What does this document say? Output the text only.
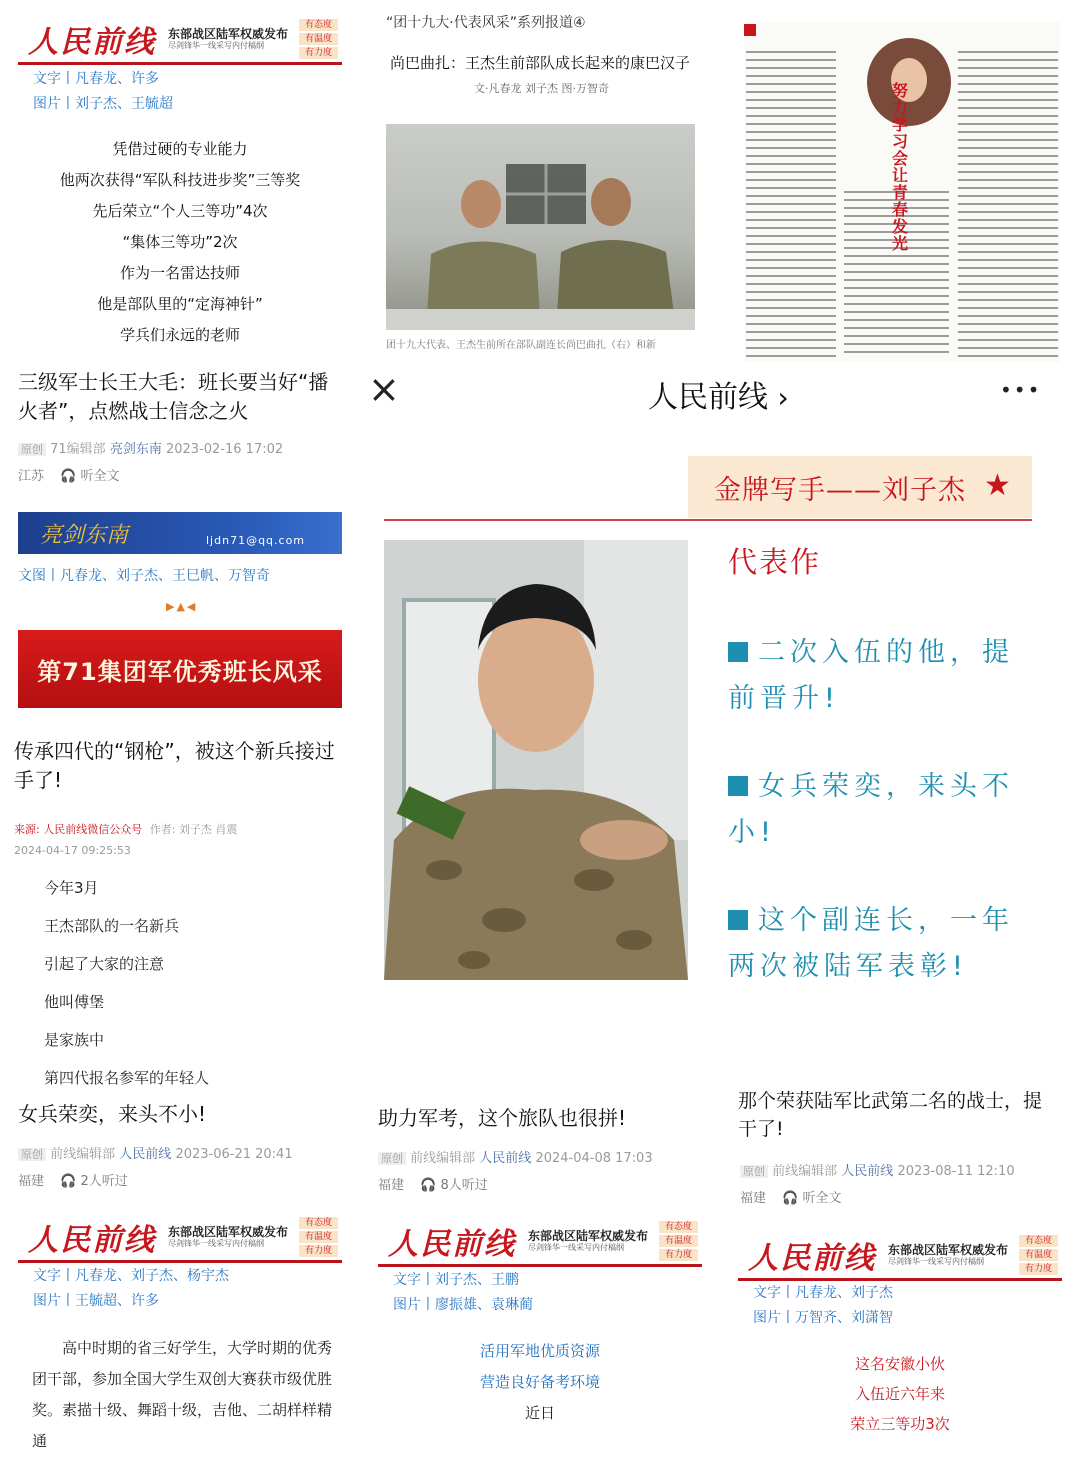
人民前线 东部战区陆军权威发布
尽剑锋华一线采写内付稿纲
有态度
有温度
有力度
文字丨凡春龙、许多
图片丨刘子杰、王毓超
凭借过硬的专业能力
他两次获得“军队科技进步奖”三等奖
先后荣立“个人三等功”4次
“集体三等功”2次
作为一名雷达技师
他是部队里的“定海神针”
学兵们永远的老师
三级军士长王大毛：班长要当好“播火者”，点燃战士信念之火
原创 71编辑部 亮剑东南 2023-02-16 17:02
江苏 🎧 听全文
“团十九大·代表风采”系列报道④
尚巴曲扎：王杰生前部队成长起来的康巴汉子
文·凡春龙 刘子杰 图·万智奇
团十九大代表、王杰生前所在部队副连长尚巴曲扎（右）和新
努力学习 会让青春发光
亮剑东南	ljdn71@qq.com
文图丨凡春龙、刘子杰、王巳帆、万智奇
▶▲◀
第71集团军优秀班长风采
传承四代的“钢枪”，被这个新兵接过手了!
来源: 人民前线微信公众号 作者: 刘子杰 肖震
2024-04-17 09:25:53
今年3月
王杰部队的一名新兵
引起了大家的注意
他叫傅堡
是家族中
第四代报名参军的年轻人
×	人民前线 ›	•••
金牌写手——刘子杰 ★
代表作
二次入伍的他，提前晋升!
女兵荣奕，来头不小!
这个副连长，一年两次被陆军表彰!
女兵荣奕，来头不小!
原创 前线编辑部 人民前线 2023-06-21 20:41
福建 🎧 2人听过
助力军考，这个旅队也很拼!
原创 前线编辑部 人民前线 2024-04-08 17:03
福建 🎧 8人听过
那个荣获陆军比武第二名的战士，提干了!
原创 前线编辑部 人民前线 2023-08-11 12:10
福建 🎧 听全文
人民前线 东部战区陆军权威发布
尽剑锋华一线采写内付稿纲
有态度
有温度
有力度
文字丨凡春龙、刘子杰、杨宇杰
图片丨王毓超、许多
高中时期的省三好学生，大学时期的优秀团干部，参加全国大学生双创大赛获市级优胜奖。素描十级、舞蹈十级，吉他、二胡样样精通
人民前线 东部战区陆军权威发布
尽剑锋华一线采写内付稿纲
有态度
有温度
有力度
文字丨刘子杰、王鹏
图片丨廖振雄、袁琳蔺
活用军地优质资源
营造良好备考环境
近日
人民前线 东部战区陆军权威发布
尽剑锋华一线采写内付稿纲
有态度
有温度
有力度
文字丨凡春龙、刘子杰
图片丨万智齐、刘潇智
这名安徽小伙
入伍近六年来
荣立三等功3次
